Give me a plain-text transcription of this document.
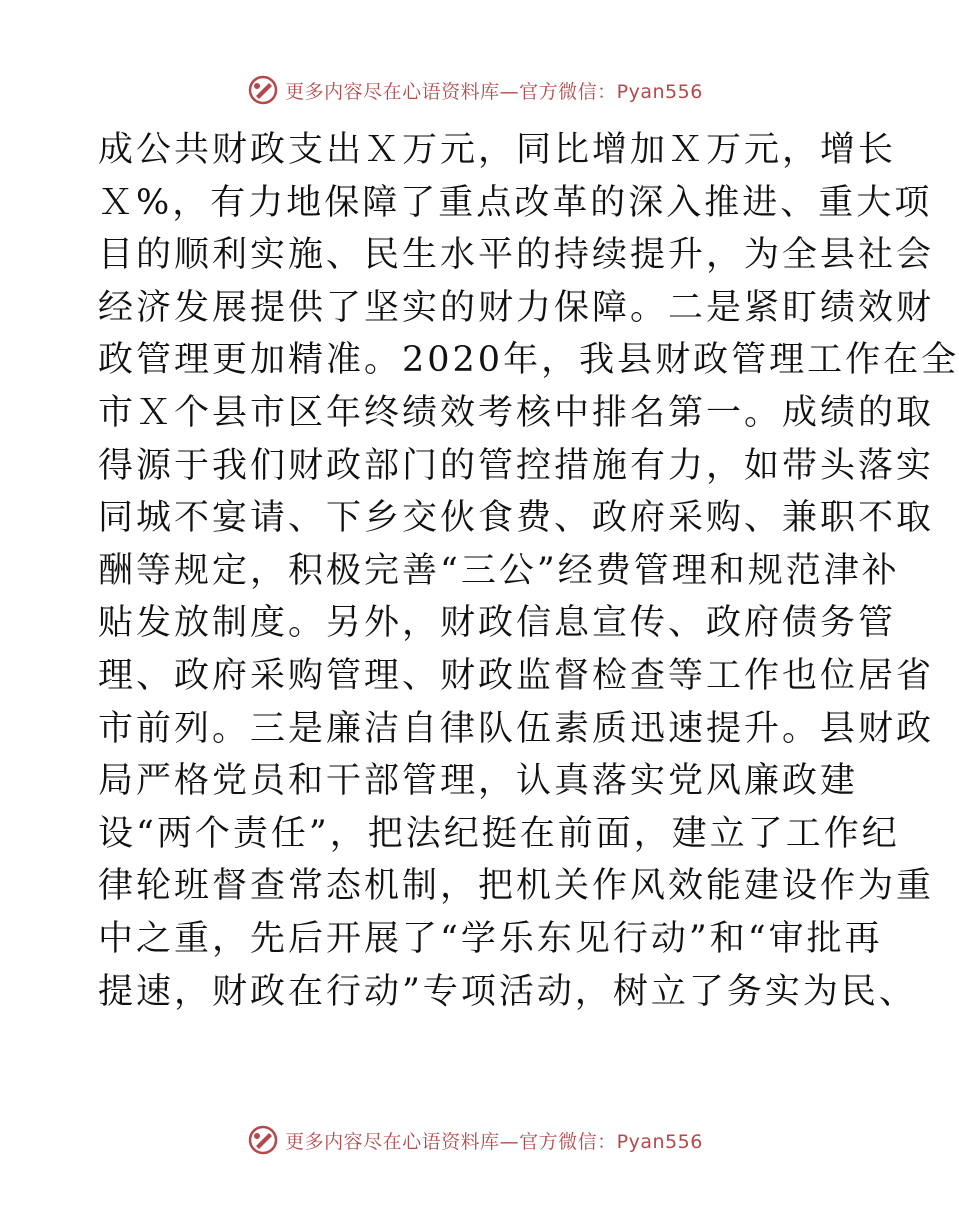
更多内容尽在心语资料库—官方微信：Pyan556
成公共财政支出Ｘ万元，同比增加Ｘ万元，增长
Ｘ%，有力地保障了重点改革的深入推进、重大项
目的顺利实施、民生水平的持续提升，为全县社会
经济发展提供了坚实的财力保障。二是紧盯绩效财
政管理更加精准。2020年，我县财政管理工作在全
市Ｘ个县市区年终绩效考核中排名第一。成绩的取
得源于我们财政部门的管控措施有力，如带头落实
同城不宴请、下乡交伙食费、政府采购、兼职不取
酬等规定，积极完善“三公”经费管理和规范津补
贴发放制度。另外，财政信息宣传、政府债务管
理、政府采购管理、财政监督检查等工作也位居省
市前列。三是廉洁自律队伍素质迅速提升。县财政
局严格党员和干部管理，认真落实党风廉政建
设“两个责任”，把法纪挺在前面，建立了工作纪
律轮班督查常态机制，把机关作风效能建设作为重
中之重，先后开展了“学乐东见行动”和“审批再
提速，财政在行动”专项活动，树立了务实为民、
更多内容尽在心语资料库—官方微信：Pyan556
